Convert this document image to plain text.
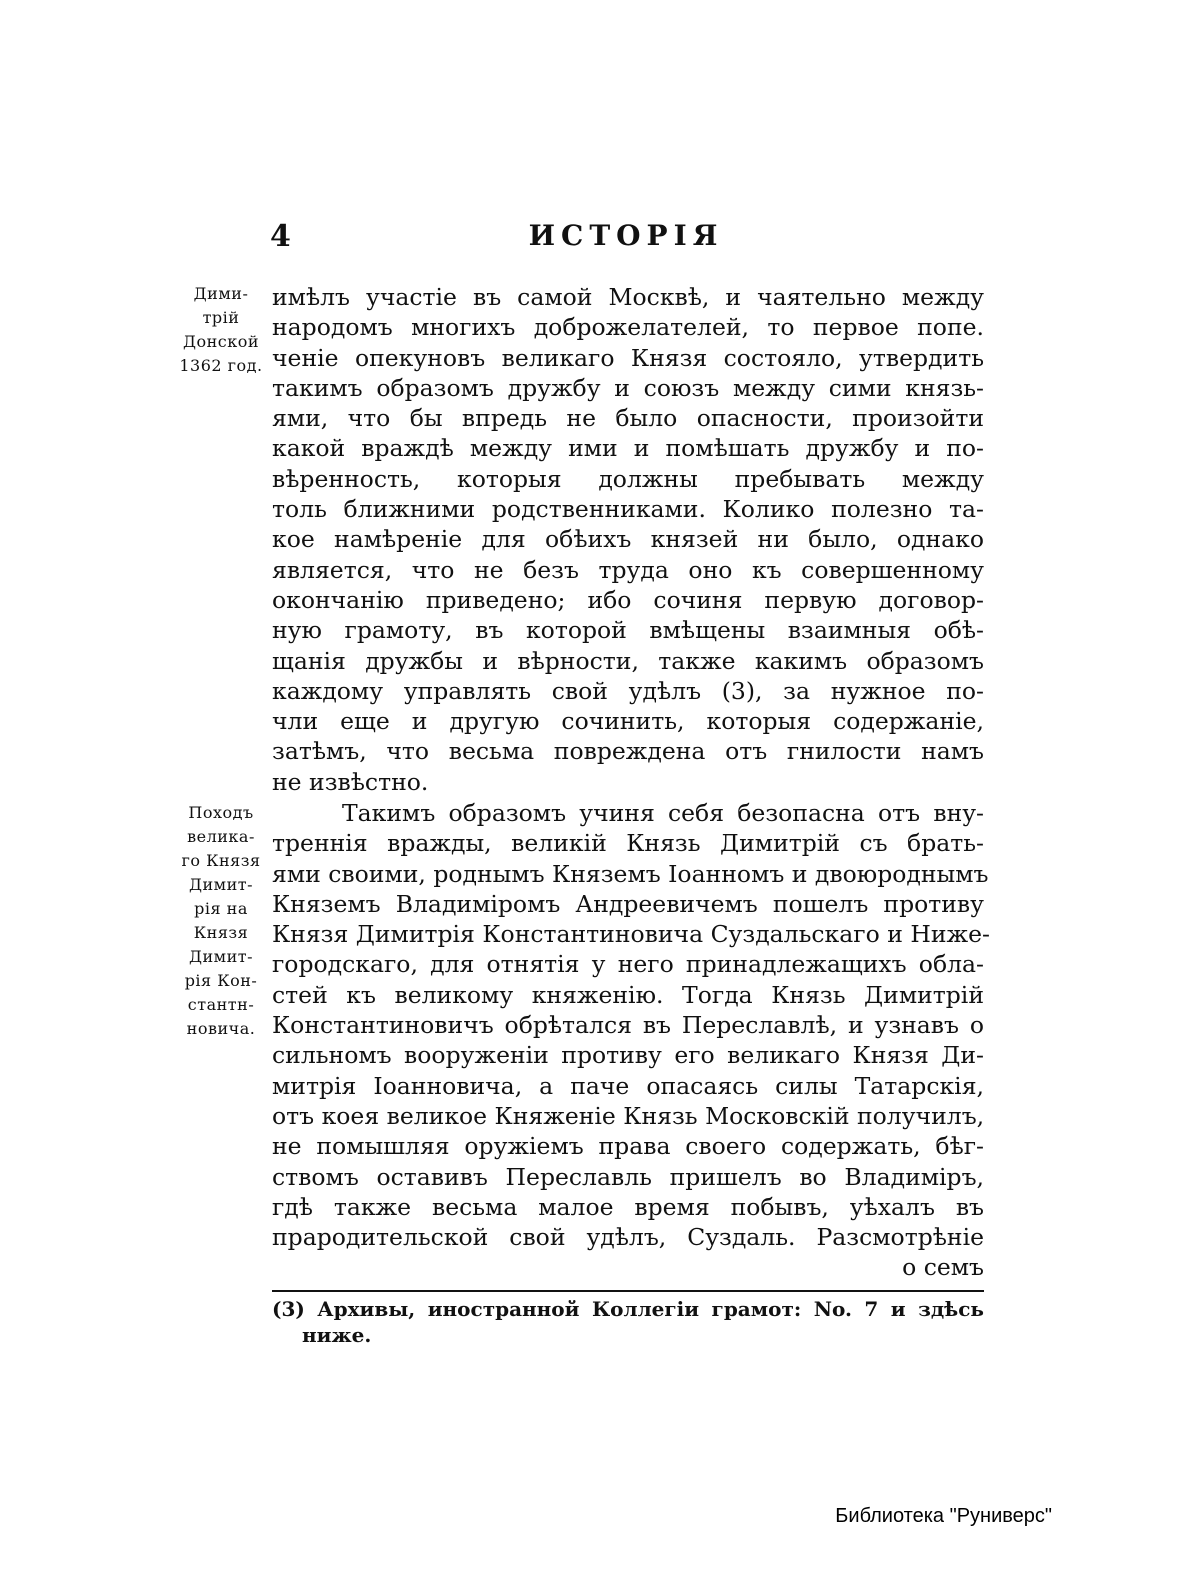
4	ИСТОРІЯ
Дими-
трій
Донской
1362 год.
имѣлъ участіе въ самой Москвѣ, и чаятельно между
народомъ многихъ доброжелателей, то первое попе.
ченіе опекуновъ великаго Князя состояло, утвердить
такимъ образомъ дружбу и союзъ между сими князь-
ями, что бы впредь не было опасности, произойти
какой враждѣ между ими и помѣшать дружбу и по-
вѣренность, которыя должны пребывать между
толь ближними родственниками. Колико полезно та-
кое намѣреніе для обѣихъ князей ни было, однако
является, что не безъ труда оно къ совершенному
окончанію приведено; ибо сочиня первую договор-
ную грамоту, въ которой вмѣщены взаимныя обѣ-
щанія дружбы и вѣрности, также какимъ образомъ
каждому управлять свой удѣлъ (3), за нужное по-
чли еще и другую сочинить, которыя содержаніе,
затѣмъ, что весьма повреждена отъ гнилости намъ
не извѣстно.
Походъ
велика-
го Князя
Димит-
рія на
Князя
Димит-
рія Кон-
стантн-
новича.
Такимъ образомъ учиня себя безопасна отъ вну-
треннія вражды, великій Князь Димитрій съ брать-
ями своими, роднымъ Княземъ Іоанномъ и двоюроднымъ
Княземъ Владиміромъ Андреевичемъ пошелъ противу
Князя Димитрія Константиновича Суздальскаго и Ниже-
городскаго, для отнятія у него принадлежащихъ обла-
стей къ великому княженію. Тогда Князь Димитрій
Константиновичъ обрѣтался въ Переславлѣ, и узнавъ о
сильномъ вооруженіи противу его великаго Князя Ди-
митрія Іоанновича, а паче опасаясь силы Татарскія,
отъ коея великое Княженіе Князь Московскій получилъ,
не помышляя оружіемъ права своего содержать, бѣг-
ствомъ оставивъ Переславль пришелъ во Владиміръ,
гдѣ также весьма малое время побывъ, уѣхалъ въ
прародительской свой удѣлъ, Суздаль. Разсмотрѣніе
о семъ
(3) Архивы, иностранной Коллегіи грамот: No. 7 и здѣсь
ниже.
Библиотека "Руниверс"
